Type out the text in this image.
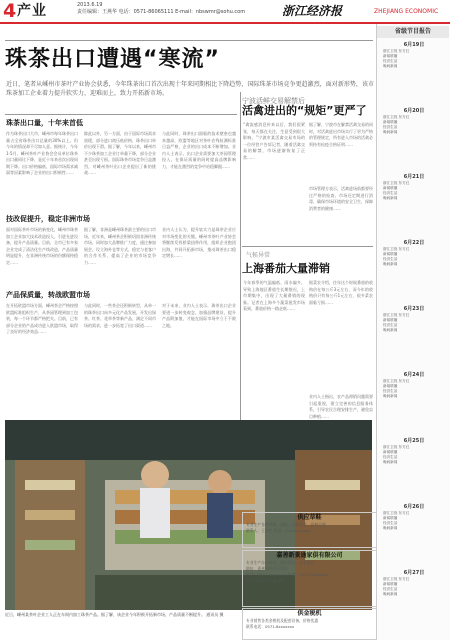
4 产业	2013.6.19
责任编辑：王燕华 电话：0571-86065111 E-mail：nbswmr@sohu.com	浙江经济报	ZHEJIANG ECONOMIC
珠茶出口遭遇“寒流”
近日，笔者从嵊州市茶叶产业协会获悉，今年珠茶出口首次出现十年来同期相比下降趋势，国际珠茶市场竞争更趋激烈，面对新形势，该市珠茶加工企业着力提升软实力，迎难而上，致力开拓新市场。
珠茶出口量，十年来首低
作为珠茶出口大市，嵊州市每年珠茶出口量占全省珠茶出口总量的30%以上，但今年的情况却不尽如人意。据统计，今年1-5月，嵊州茶叶产业协会会员单位珠茶出口量同比下降，是近十年来首次出现同期下降。出口价格偏低、国际市场需求减弱等因素影响了企业的出口积极性……
除此以外，另一方面，由于国际市场需求放缓，部分进口商压低价格，珠茶出口单价出现下滑。据了解，今年以来，嵊州市不少珠茶加工企业订单量下降，部分企业甚至出现亏损。国际珠茶市场竞争日益激烈，对嵊州茶叶出口企业提出了新的挑战……
与此同时，珠茶出口面临的技术壁垒也越来越高，欧盟等地区对茶叶农残检测标准日益严格，企业的出口成本不断增加。业内人士表示，出口企业需要加大茶园管理投入，在保证质量的同时提高品牌影响力，才能在激烈的竞争中站稳脚跟……
技改促提升，稳定非洲市场
面对国际茶叶市场的新变化，嵊州市珠茶加工企业加大技术改造投入，引进先进设备，提升产品质量。目前，全市已有多家企业完成了清洁化生产线改造，产品质量明显提升，在非洲传统市场的份额保持稳定……
据了解，非洲是嵊州珠茶最主要的出口市场，近年来，嵊州茶企积极巩固非洲传统市场，同时加大品牌推广力度，通过参加展会、设立海外仓等方式，稳定与老客户的合作关系，提高了企业的市场竞争力……
业内人士认为，提升软实力是珠茶企业应对市场变化的关键。嵊州市茶叶产业协会将继续发挥桥梁纽带作用，组织企业抱团出海，共同开拓新市场，推动珠茶出口稳定增长……
产品保质量，转战欧盟市场
在开拓欧盟市场方面，嵊州茶企严格按照欧盟标准组织生产，从茶园管理到加工包装，每一个环节都严格把关。目前，已有部分企业的产品成功进入欧盟市场，取得了良好的经济效益……
与此同时，一些茶企还积极转型，从单一的珠茶出口向多元化产品发展，开发出绿茶、红茶、花草茶等新产品，满足不同市场的需求，进一步拓宽了出口渠道……
对于未来，业内人士表示，珠茶出口企业要进一步转变观念，加强品牌建设，提升产品附加值，才能在国际市场中立于不败之地。
宁波活鲜交易解禁后
活禽进出的“规矩”更严了
“禽流感消息传来以后，我们很紧张，每天都在关注，生意受到很大影响。”宁波市某活禽交易市场的一位经营户告诉记者，随着活禽交易的解禁，市场逐渐恢复了正常……
据了解，宁波市在解禁活禽交易的同时，对活禽进出市场实行了更为严格的管理规定，所有进入市场的活禽必须持有检疫合格证明……
市场管理方表示，活禽进场前都要经过严格的检查，市场还定期进行消毒，确保市场环境的安全卫生，保障消费者的健康……
气候异常
上海番茄大量滞销
今年春季的气温偏低、雨水偏多，导致上海地区番茄生长期推迟，上市期集中，出现了大量滞销的现象。记者在上海多个蔬菜批发市场看到，番茄价格一路走低……
据菜农介绍，往年这个时候番茄的收购价在每公斤3元左右，而今年的收购价只有每公斤1元左右，很多菜农面临亏损……
业内人士指出，农产品滞销问题需要引起重视，建立完善的信息服务体系，引导农民合理安排生产，避免盲目种植……
近日，嵊州某茶叶企业工人正在车间内加工珠茶产品。据了解，该企业今年积极开拓新市场，产品质量不断提升。 通讯员 摄
供应草鞋
专业生产各类草鞋、拖鞋，品质优良，价格合理
联系人：王先生 电话：13xxxxxxxxx
嘉善新景通家俱有限公司
专业生产办公家具、酒店家具、实木家具
地址：嘉善县经济开发区
电话：0573-8xxxxxxx 传真：0573-8xxxxxxx
欢迎各界朋友来电垂询
供金税机
专业销售各类金税机及配套设备，价格优惠
联系电话：0571-8xxxxxxx
省级节目报告
6月19日
浙江卫视 东方红
新闻联播
经济生活
晚间新闻
6月20日
浙江卫视 东方红
新闻联播
经济生活
晚间新闻
6月21日
浙江卫视 东方红
新闻联播
经济生活
晚间新闻
6月22日
浙江卫视 东方红
新闻联播
经济生活
晚间新闻
6月23日
浙江卫视 东方红
新闻联播
经济生活
晚间新闻
6月24日
浙江卫视 东方红
新闻联播
经济生活
晚间新闻
6月25日
浙江卫视 东方红
新闻联播
经济生活
晚间新闻
6月26日
浙江卫视 东方红
新闻联播
经济生活
晚间新闻
6月27日
浙江卫视 东方红
新闻联播
经济生活
晚间新闻
